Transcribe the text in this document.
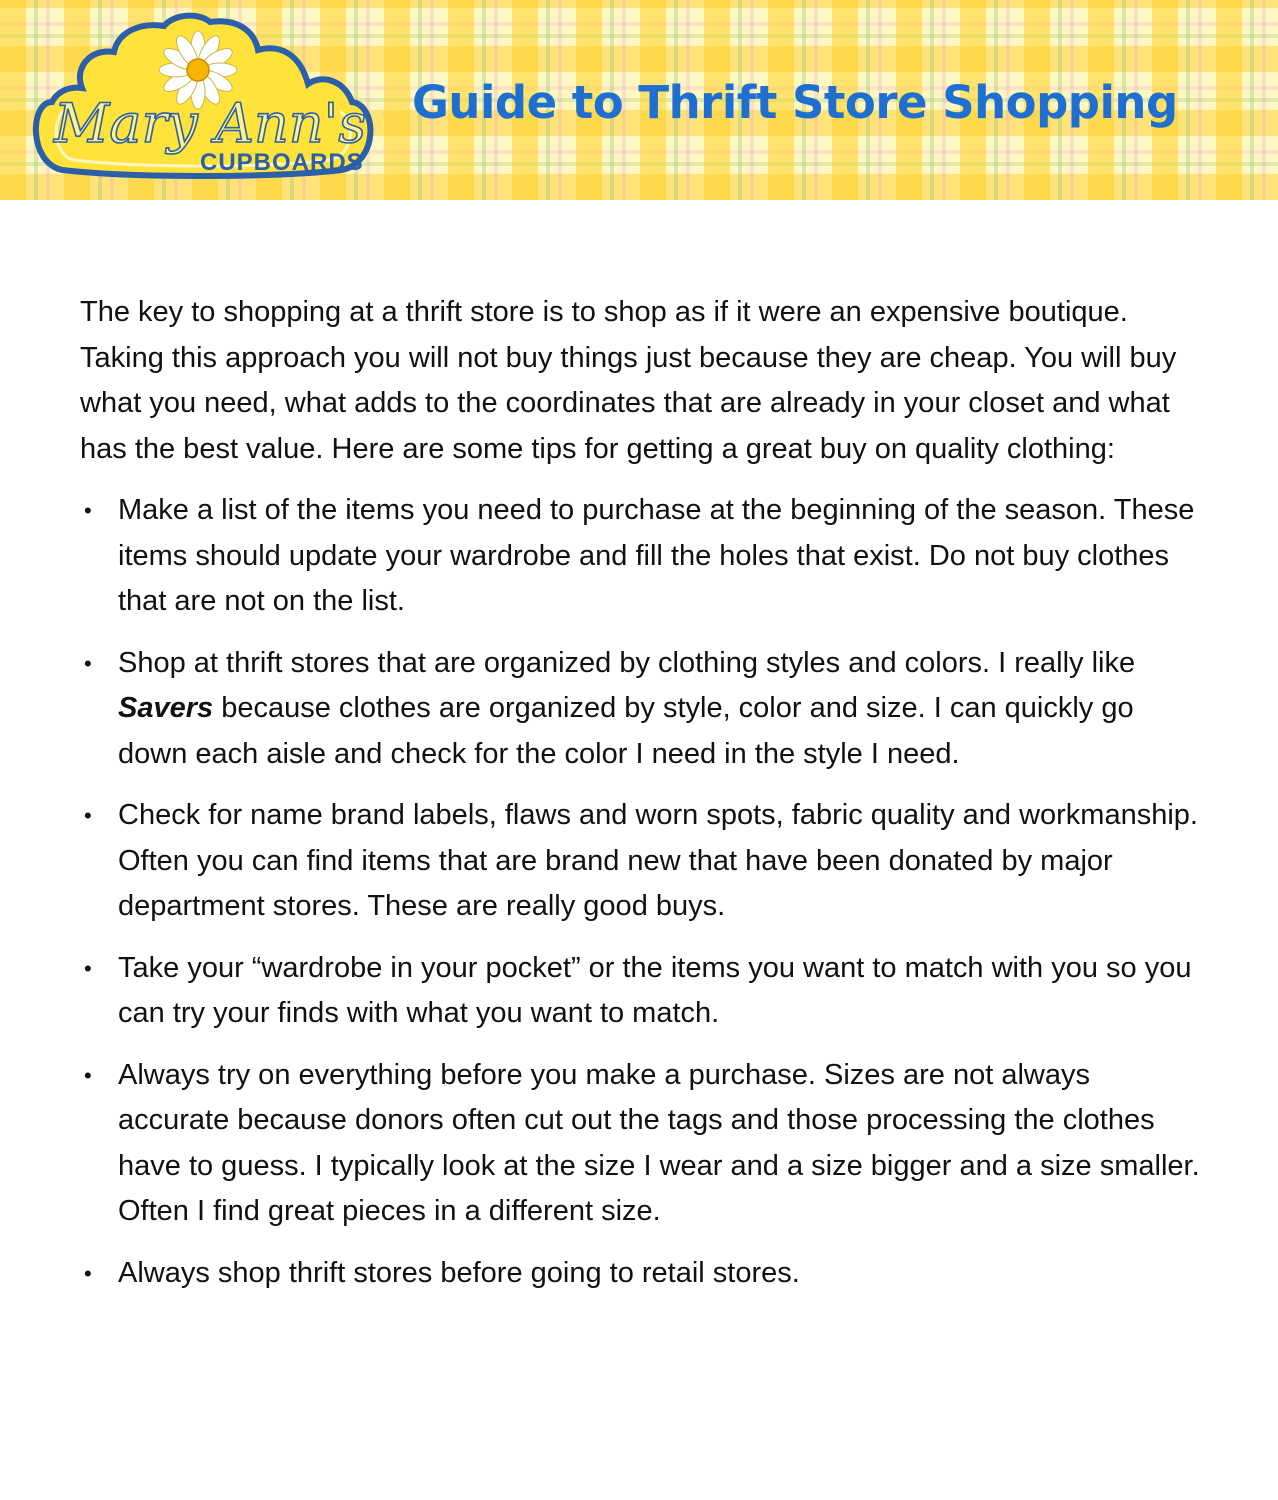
Mary Ann's
CUPBOARDS
Guide to Thrift Store Shopping

The key to shopping at a thrift store is to shop as if it were an expensive boutique. Taking this approach you will not buy things just because they are cheap. You will buy what you need, what adds to the coordinates that are already in your closet and what has the best value. Here are some tips for getting a great buy on quality clothing:

• Make a list of the items you need to purchase at the beginning of the season. These items should update your wardrobe and fill the holes that exist. Do not buy clothes that are not on the list.
• Shop at thrift stores that are organized by clothing styles and colors. I really like Savers because clothes are organized by style, color and size. I can quickly go down each aisle and check for the color I need in the style I need.
• Check for name brand labels, flaws and worn spots, fabric quality and workmanship. Often you can find items that are brand new that have been donated by major department stores. These are really good buys.
• Take your “wardrobe in your pocket” or the items you want to match with you so you can try your finds with what you want to match.
• Always try on everything before you make a purchase. Sizes are not always accurate because donors often cut out the tags and those processing the clothes have to guess. I typically look at the size I wear and a size bigger and a size smaller. Often I find great pieces in a different size.
• Always shop thrift stores before going to retail stores.
